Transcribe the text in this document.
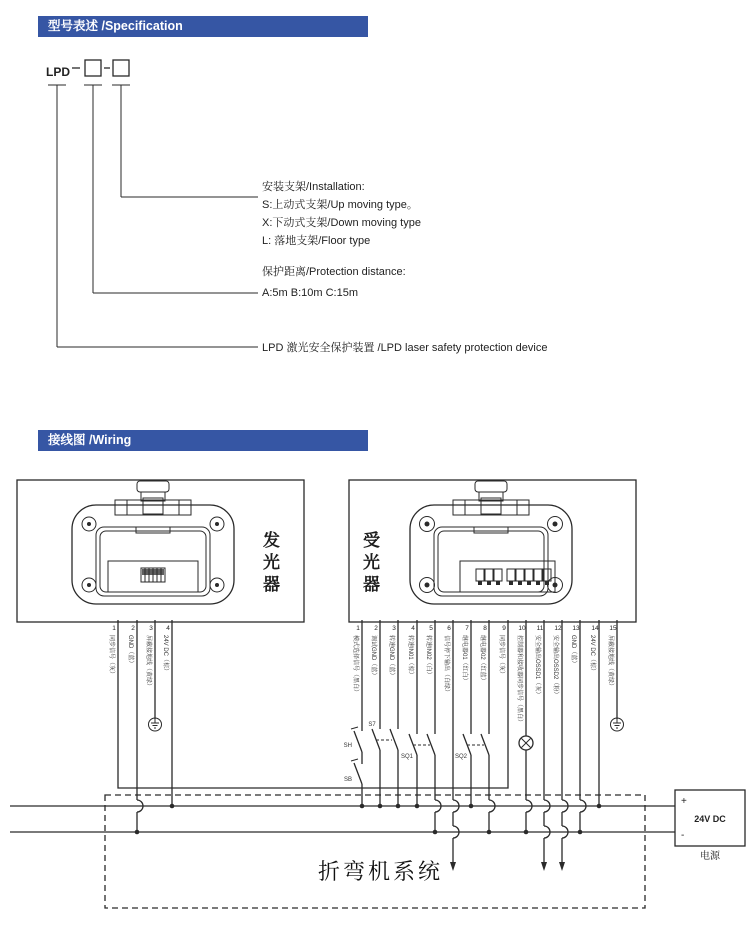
型号表述 /Specification
接线图 /Wiring
LPD
安装支架/Installation:
S:上动式支架/Up moving type。
X:下动式支架/Down moving type
L: 落地支架/Floor type
保护距离/Protection distance:
A:5m B:10m C:15m
LPD 激光安全保护装置 /LPD laser safety protection device
1 2 3 4
同步信号（灰）	GND（蓝）	屏蔽接地线（黄绿）	24V DC（棕）
1 2 3 4 5 6 7 8 9 10 11 12 13 14 15
模式选择信号（黑白）	调试GND（蓝）	转速GND（蓝）	转速IN01（棕）	转速IN02（白）	信号停下输出（白绿）	继电器01（红白）	继电器02（红蓝）	同步信号（灰）	控制器和接收器同步信号（黑白）	安全输出OSSD1（灰）	安全输出OSSD2（粉）	GND（蓝）	24V DC（棕）	屏蔽接地线（黄绿）
SH
SB
S7
SQ1	SQ2
+
-
24V DC
电源
发光器	受光器
折弯机系统
